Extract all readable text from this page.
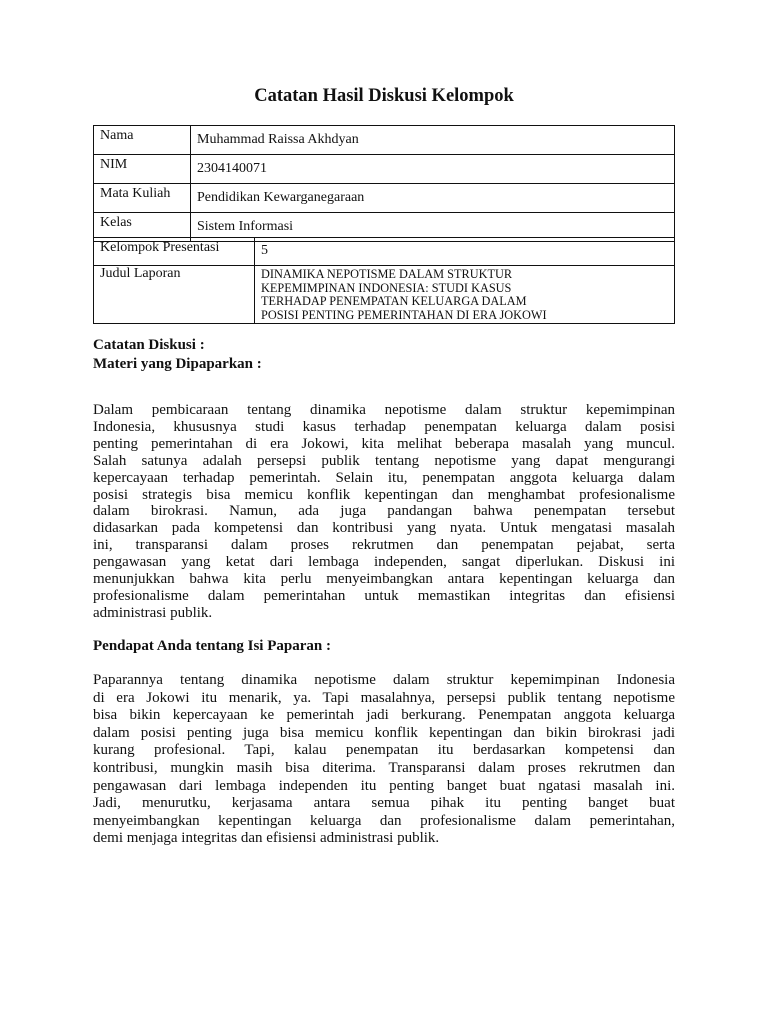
Catatan Hasil Diskusi Kelompok
Nama	Muhammad Raissa Akhdyan
NIM	2304140071
Mata Kuliah	Pendidikan Kewarganegaraan
Kelas	Sistem Informasi
Kelompok Presentasi	5
Judul Laporan	DINAMIKA NEPOTISME DALAM STRUKTUR
KEPEMIMPINAN INDONESIA: STUDI KASUS
TERHADAP PENEMPATAN KELUARGA DALAM
POSISI PENTING PEMERINTAHAN DI ERA JOKOWI
Catatan Diskusi :
Materi yang Dipaparkan :
Dalam pembicaraan tentang dinamika nepotisme dalam struktur kepemimpinan
Indonesia, khususnya studi kasus terhadap penempatan keluarga dalam posisi
penting pemerintahan di era Jokowi, kita melihat beberapa masalah yang muncul.
Salah satunya adalah persepsi publik tentang nepotisme yang dapat mengurangi
kepercayaan terhadap pemerintah. Selain itu, penempatan anggota keluarga dalam
posisi strategis bisa memicu konflik kepentingan dan menghambat profesionalisme
dalam birokrasi. Namun, ada juga pandangan bahwa penempatan tersebut
didasarkan pada kompetensi dan kontribusi yang nyata. Untuk mengatasi masalah
ini, transparansi dalam proses rekrutmen dan penempatan pejabat, serta
pengawasan yang ketat dari lembaga independen, sangat diperlukan. Diskusi ini
menunjukkan bahwa kita perlu menyeimbangkan antara kepentingan keluarga dan
profesionalisme dalam pemerintahan untuk memastikan integritas dan efisiensi
administrasi publik.
Pendapat Anda tentang Isi Paparan :
Paparannya tentang dinamika nepotisme dalam struktur kepemimpinan Indonesia
di era Jokowi itu menarik, ya. Tapi masalahnya, persepsi publik tentang nepotisme
bisa bikin kepercayaan ke pemerintah jadi berkurang. Penempatan anggota keluarga
dalam posisi penting juga bisa memicu konflik kepentingan dan bikin birokrasi jadi
kurang profesional. Tapi, kalau penempatan itu berdasarkan kompetensi dan
kontribusi, mungkin masih bisa diterima. Transparansi dalam proses rekrutmen dan
pengawasan dari lembaga independen itu penting banget buat ngatasi masalah ini.
Jadi, menurutku, kerjasama antara semua pihak itu penting banget buat
menyeimbangkan kepentingan keluarga dan profesionalisme dalam pemerintahan,
demi menjaga integritas dan efisiensi administrasi publik.
